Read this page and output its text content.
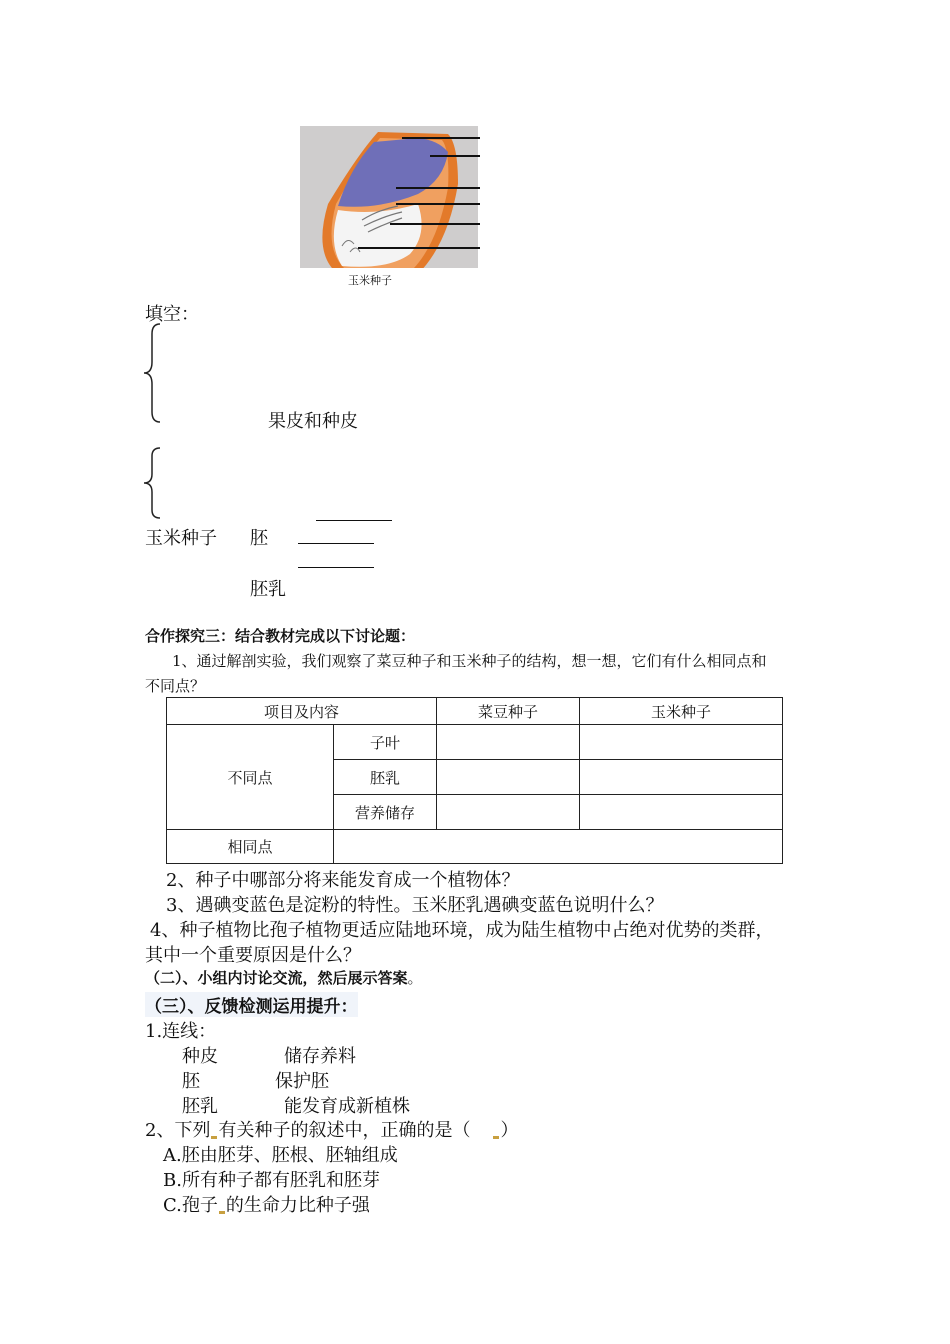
玉米种子
填空：
果皮和种皮
玉米种子 胚
胚乳
合作探究三：结合教材完成以下讨论题：
1、通过解剖实验，我们观察了菜豆种子和玉米种子的结构，想一想，它们有什么相同点和
不同点？
项目及内容		菜豆种子	玉米种子
不同点	子叶		
	胚乳		
	营养储存		
相同点			
2、种子中哪部分将来能发育成一个植物体？
3、遇碘变蓝色是淀粉的特性。玉米胚乳遇碘变蓝色说明什么？
4、种子植物比孢子植物更适应陆地环境，成为陆生植物中占绝对优势的类群，
其中一个重要原因是什么？
（二）、小组内讨论交流，然后展示答案。
（三）、反馈检测运用提升：
1.连线：
种皮	储存养料
胚	保护胚
胚乳	能发育成新植株
2、下列 有关种子的叙述中，正确的是（ ）
A.胚由胚芽、胚根、胚轴组成
B.所有种子都有胚乳和胚芽
C.孢子 的生命力比种子强
